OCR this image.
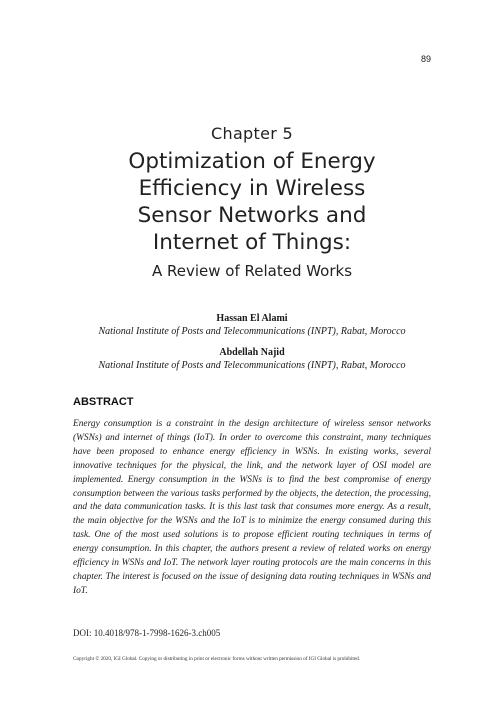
89
Chapter 5
Optimization of Energy
Efficiency in Wireless
Sensor Networks and
Internet of Things:
A Review of Related Works
Hassan El Alami
National Institute of Posts and Telecommunications (INPT), Rabat, Morocco
Abdellah Najid
National Institute of Posts and Telecommunications (INPT), Rabat, Morocco
ABSTRACT
Energy consumption is a constraint in the design architecture of wireless sensor networks (WSNs) and internet of things (IoT). In order to overcome this constraint, many techniques have been proposed to enhance energy efficiency in WSNs. In existing works, several innovative techniques for the physical, the link, and the network layer of OSI model are implemented. Energy consumption in the WSNs is to find the best compromise of energy consumption between the various tasks performed by the objects, the detection, the processing, and the data communication tasks. It is this last task that consumes more energy. As a result, the main objective for the WSNs and the IoT is to minimize the energy consumed during this task. One of the most used solutions is to propose efficient routing techniques in terms of energy consumption. In this chapter, the authors present a review of related works on energy efficiency in WSNs and IoT. The network layer routing protocols are the main concerns in this chapter. The interest is focused on the issue of designing data routing techniques in WSNs and IoT.
DOI: 10.4018/978-1-7998-1626-3.ch005
Copyright © 2020, IGI Global. Copying or distributing in print or electronic forms without written permission of IGI Global is prohibited.
